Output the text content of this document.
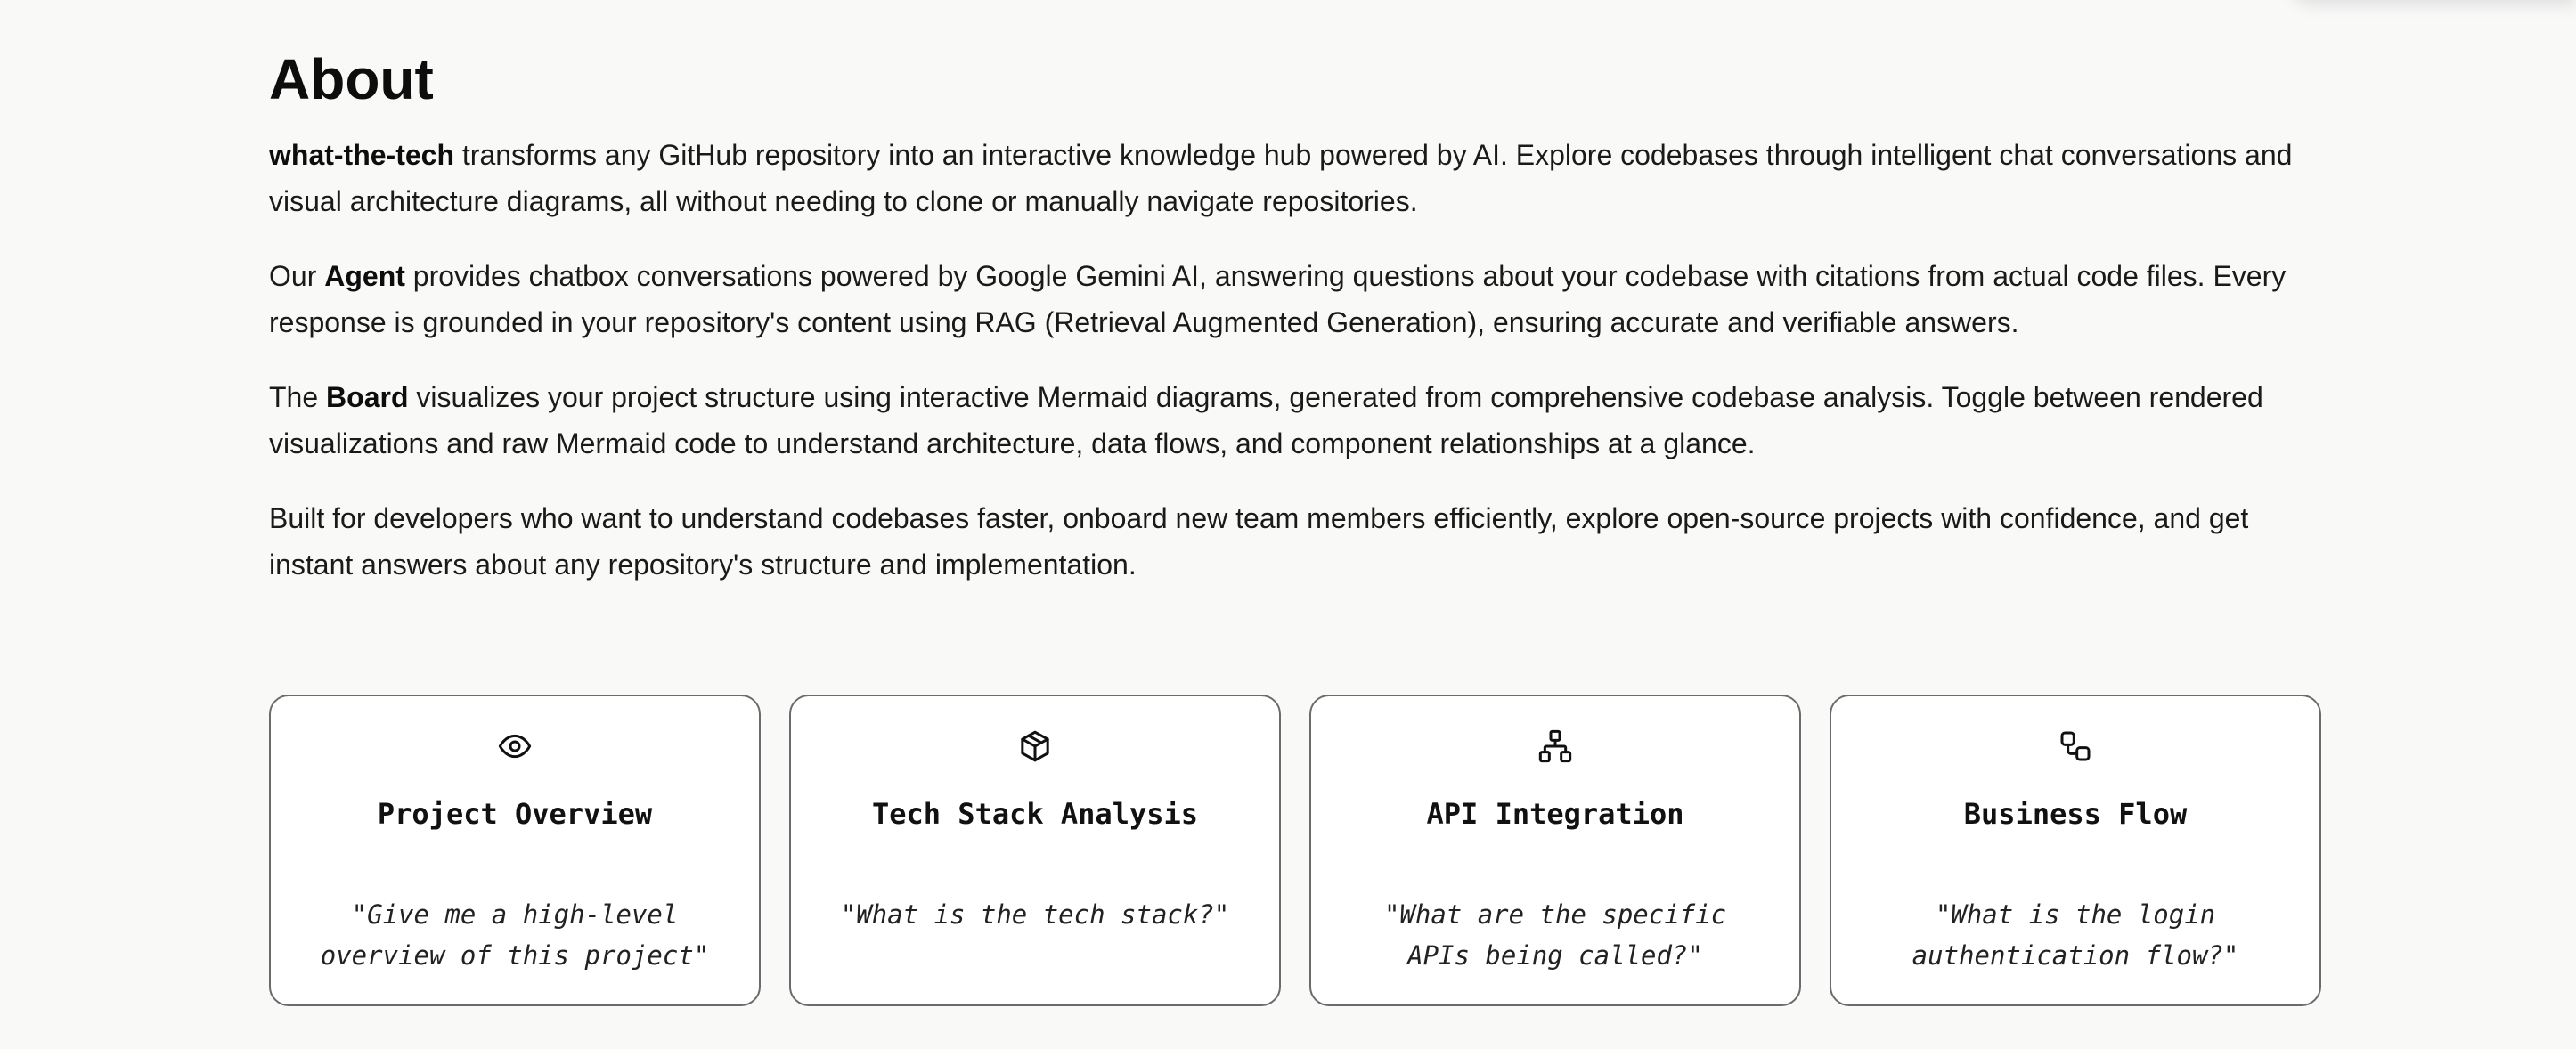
About

what-the-tech transforms any GitHub repository into an interactive knowledge hub powered by AI. Explore codebases through intelligent chat conversations and visual architecture diagrams, all without needing to clone or manually navigate repositories.

Our Agent provides chatbox conversations powered by Google Gemini AI, answering questions about your codebase with citations from actual code files. Every response is grounded in your repository's content using RAG (Retrieval Augmented Generation), ensuring accurate and verifiable answers.

The Board visualizes your project structure using interactive Mermaid diagrams, generated from comprehensive codebase analysis. Toggle between rendered visualizations and raw Mermaid code to understand architecture, data flows, and component relationships at a glance.

Built for developers who want to understand codebases faster, onboard new team members efficiently, explore open-source projects with confidence, and get instant answers about any repository's structure and implementation.

Project Overview
"Give me a high-level overview of this project"
Tech Stack Analysis
"What is the tech stack?"
API Integration
"What are the specific APIs being called?"
Business Flow
"What is the login authentication flow?"
